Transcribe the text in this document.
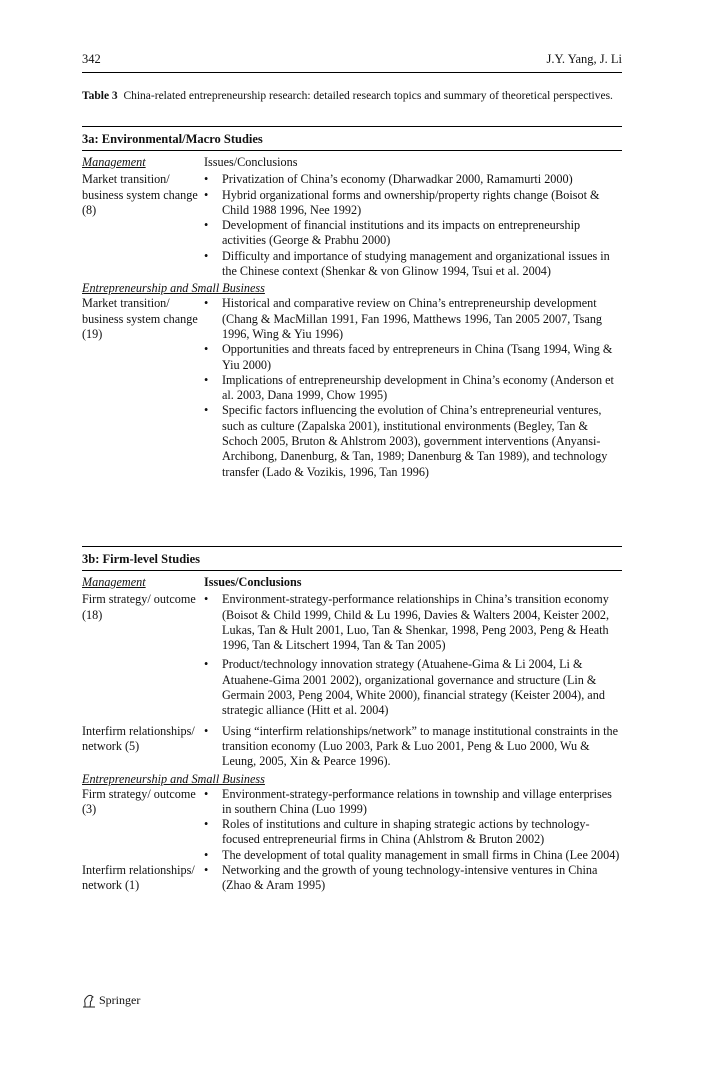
342	J.Y. Yang, J. Li
Table 3 China-related entrepreneurship research: detailed research topics and summary of theoretical perspectives.
3a: Environmental/Macro Studies
Management	Issues/Conclusions
Market transition/ business system change (8)
• Privatization of China’s economy (Dharwadkar 2000, Ramamurti 2000)
• Hybrid organizational forms and ownership/property rights change (Boisot & Child 1988 1996, Nee 1992)
• Development of financial institutions and its impacts on entrepreneurship activities (George & Prabhu 2000)
• Difficulty and importance of studying management and organizational issues in the Chinese context (Shenkar & von Glinow 1994, Tsui et al. 2004)
Entrepreneurship and Small Business
Market transition/ business system change (19)
• Historical and comparative review on China’s entrepreneurship development (Chang & MacMillan 1991, Fan 1996, Matthews 1996, Tan 2005 2007, Tsang 1996, Wing & Yiu 1996)
• Opportunities and threats faced by entrepreneurs in China (Tsang 1994, Wing & Yiu 2000)
• Implications of entrepreneurship development in China’s economy (Anderson et al. 2003, Dana 1999, Chow 1995)
• Specific factors influencing the evolution of China’s entrepreneurial ventures, such as culture (Zapalska 2001), institutional environments (Begley, Tan & Schoch 2005, Bruton & Ahlstrom 2003), government interventions (Anyansi-Archibong, Danenburg, & Tan, 1989; Danenburg & Tan 1989), and technology transfer (Lado & Vozikis, 1996, Tan 1996)
3b: Firm-level Studies
Management	Issues/Conclusions
Firm strategy/ outcome (18)
• Environment-strategy-performance relationships in China’s transition economy (Boisot & Child 1999, Child & Lu 1996, Davies & Walters 2004, Keister 2002, Lukas, Tan & Hult 2001, Luo, Tan & Shenkar, 1998, Peng 2003, Peng & Heath 1996, Tan & Litschert 1994, Tan & Tan 2005)
• Product/technology innovation strategy (Atuahene-Gima & Li 2004, Li & Atuahene-Gima 2001 2002), organizational governance and structure (Lin & Germain 2003, Peng 2004, White 2000), financial strategy (Keister 2004), and strategic alliance (Hitt et al. 2004)
Interfirm relationships/ network (5)
• Using “interfirm relationships/network” to manage institutional constraints in the transition economy (Luo 2003, Park & Luo 2001, Peng & Luo 2000, Wu & Leung, 2005, Xin & Pearce 1996).
Entrepreneurship and Small Business
Firm strategy/ outcome (3)
• Environment-strategy-performance relations in township and village enterprises in southern China (Luo 1999)
• Roles of institutions and culture in shaping strategic actions by technology-focused entrepreneurial firms in China (Ahlstrom & Bruton 2002)
• The development of total quality management in small firms in China (Lee 2004)
Interfirm relationships/ network (1)
• Networking and the growth of young technology-intensive ventures in China (Zhao & Aram 1995)
Springer
